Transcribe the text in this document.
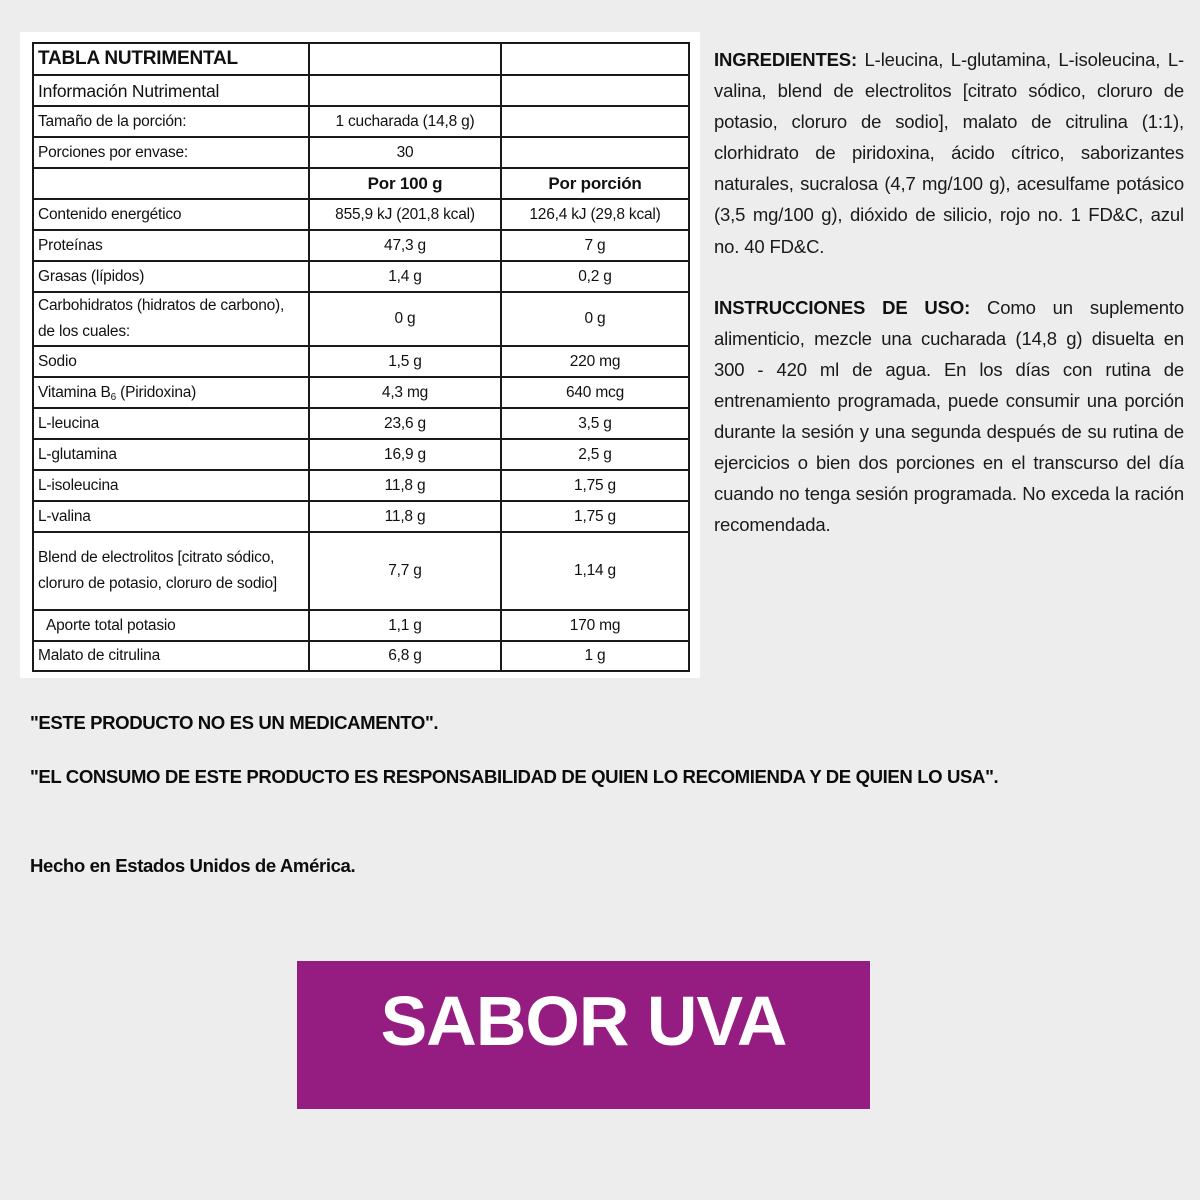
TABLA NUTRIMENTAL		
Información Nutrimental		
Tamaño de la porción:	1 cucharada (14,8 g)	
Porciones por envase:	30	
	Por 100 g	Por porción
Contenido energético	855,9 kJ (201,8 kcal)	126,4 kJ (29,8 kcal)
Proteínas	47,3 g	7 g
Grasas (lípidos)	1,4 g	0,2 g
Carbohidratos (hidratos de carbono), de los cuales:	0 g	0 g
Sodio	1,5 g	220 mg
Vitamina $B_6$ (Piridoxina)	4,3 mg	640 mcg
L-leucina	23,6 g	3,5 g
L-glutamina	16,9 g	2,5 g
L-isoleucina	11,8 g	1,75 g
L-valina	11,8 g	1,75 g
Blend de electrolitos [citrato sódico, cloruro de potasio, cloruro de sodio]	7,7 g	1,14 g
Aporte total potasio	1,1 g	170 mg
Malato de citrulina	6,8 g	1 g

INGREDIENTES: L-leucina, L-glutamina, L-isoleucina, L-valina, blend de electrolitos [citrato sódico, cloruro de potasio, cloruro de sodio], malato de citrulina (1:1), clorhidrato de piridoxina, ácido cítrico, saborizantes naturales, sucralosa (4,7 mg/100 g), acesulfame potásico (3,5 mg/100 g), dióxido de silicio, rojo no. 1 FD&C, azul no. 40 FD&C.

INSTRUCCIONES DE USO: Como un suplemento alimenticio, mezcle una cucharada (14,8 g) disuelta en 300 - 420 ml de agua. En los días con rutina de entrenamiento programada, puede consumir una porción durante la sesión y una segunda después de su rutina de ejercicios o bien dos porciones en el transcurso del día cuando no tenga sesión programada. No exceda la ración recomendada.

"ESTE PRODUCTO NO ES UN MEDICAMENTO".
"EL CONSUMO DE ESTE PRODUCTO ES RESPONSABILIDAD DE QUIEN LO RECOMIENDA Y DE QUIEN LO USA".
Hecho en Estados Unidos de América.
SABOR UVA
